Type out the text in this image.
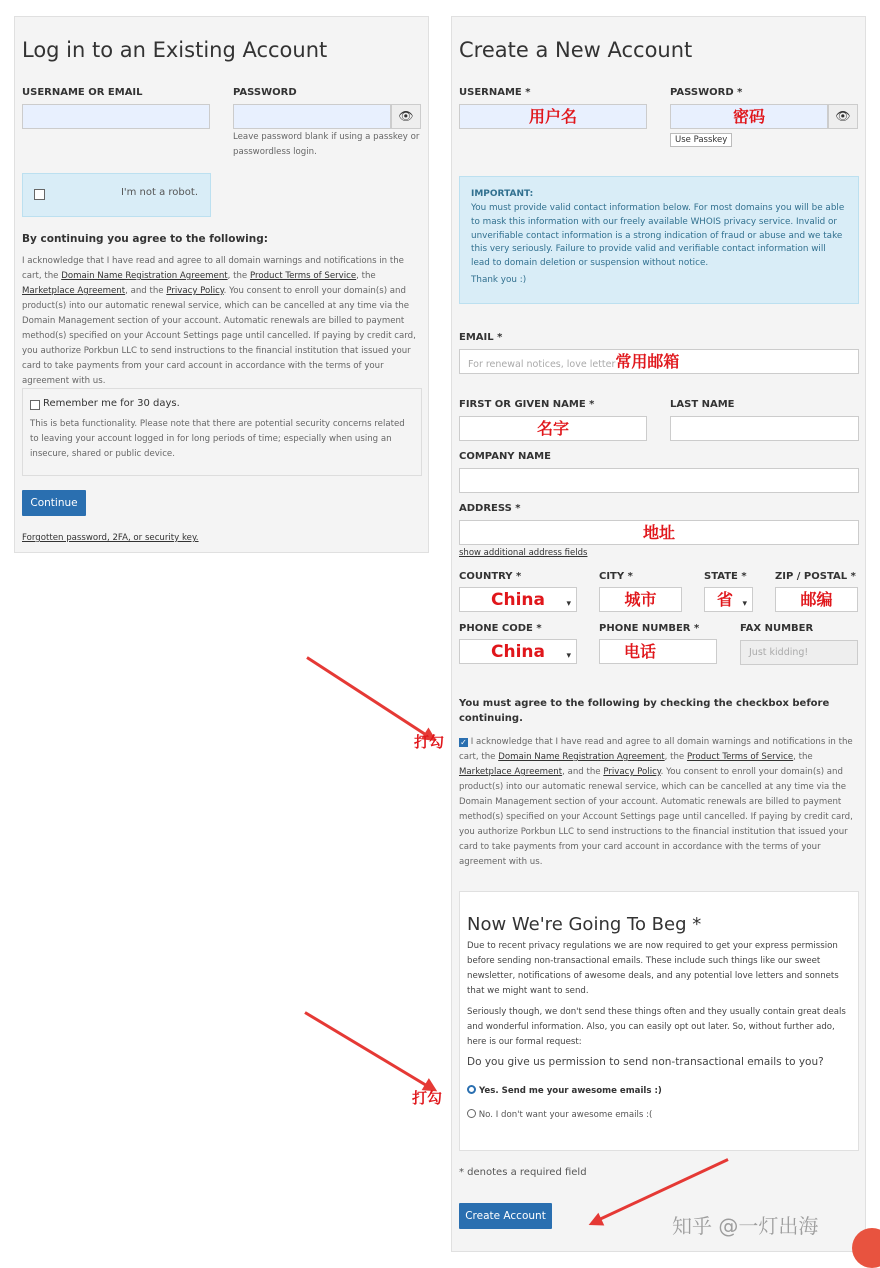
Log in to an Existing Account
USERNAME OR EMAIL	PASSWORD
👁
Leave password blank if using a passkey or passwordless login.
I'm not a robot.
By continuing you agree to the following:
I acknowledge that I have read and agree to all domain warnings and notifications in the cart, the Domain Name Registration Agreement, the Product Terms of Service, the Marketplace Agreement, and the Privacy Policy. You consent to enroll your domain(s) and product(s) into our automatic renewal service, which can be cancelled at any time via the Domain Management section of your account. Automatic renewals are billed to payment method(s) specified on your Account Settings page until cancelled. If paying by credit card, you authorize Porkbun LLC to send instructions to the financial institution that issued your card to take payments from your card account in accordance with the terms of your agreement with us.
Remember me for 30 days.
This is beta functionality. Please note that there are potential security concerns related to leaving your account logged in for long periods of time; especially when using an insecure, shared or public device.
Continue
Forgotten password, 2FA, or security key.
Create a New Account
USERNAME *
用户名
PASSWORD *
密码	👁
Use Passkey
IMPORTANT:
You must provide valid contact information below. For most domains you will be able to mask this information with our freely available WHOIS privacy service. Invalid or unverifiable contact information is a strong indication of fraud or abuse and we take this very seriously. Failure to provide valid and verifiable contact information will lead to domain deletion or suspension without notice.
Thank you :)
EMAIL *
For renewal notices, love letter常用邮箱
FIRST OR GIVEN NAME *
名字
LAST NAME
COMPANY NAME
ADDRESS *
地址
show additional address fields
COUNTRY *
China ▾
CITY *
城市
STATE *
省 ▾
ZIP / POSTAL *
邮编
PHONE CODE *
China ▾
PHONE NUMBER *
电话
FAX NUMBER
Just kidding!
You must agree to the following by checking the checkbox before continuing.
✓ I acknowledge that I have read and agree to all domain warnings and notifications in the cart, the Domain Name Registration Agreement, the Product Terms of Service, the Marketplace Agreement, and the Privacy Policy. You consent to enroll your domain(s) and product(s) into our automatic renewal service, which can be cancelled at any time via the Domain Management section of your account. Automatic renewals are billed to payment method(s) specified on your Account Settings page until cancelled. If paying by credit card, you authorize Porkbun LLC to send instructions to the financial institution that issued your card to take payments from your card account in accordance with the terms of your agreement with us.
Now We're Going To Beg *
Due to recent privacy regulations we are now required to get your express permission before sending non-transactional emails. These include such things like our sweet newsletter, notifications of awesome deals, and any potential love letters and sonnets that we might want to send.
Seriously though, we don't send these things often and they usually contain great deals and wonderful information. Also, you can easily opt out later. So, without further ado, here is our formal request:
Do you give us permission to send non-transactional emails to you?
Yes. Send me your awesome emails :)
No. I don't want your awesome emails :(
* denotes a required field
Create Account
打勾
打勾
知乎 @一灯出海
